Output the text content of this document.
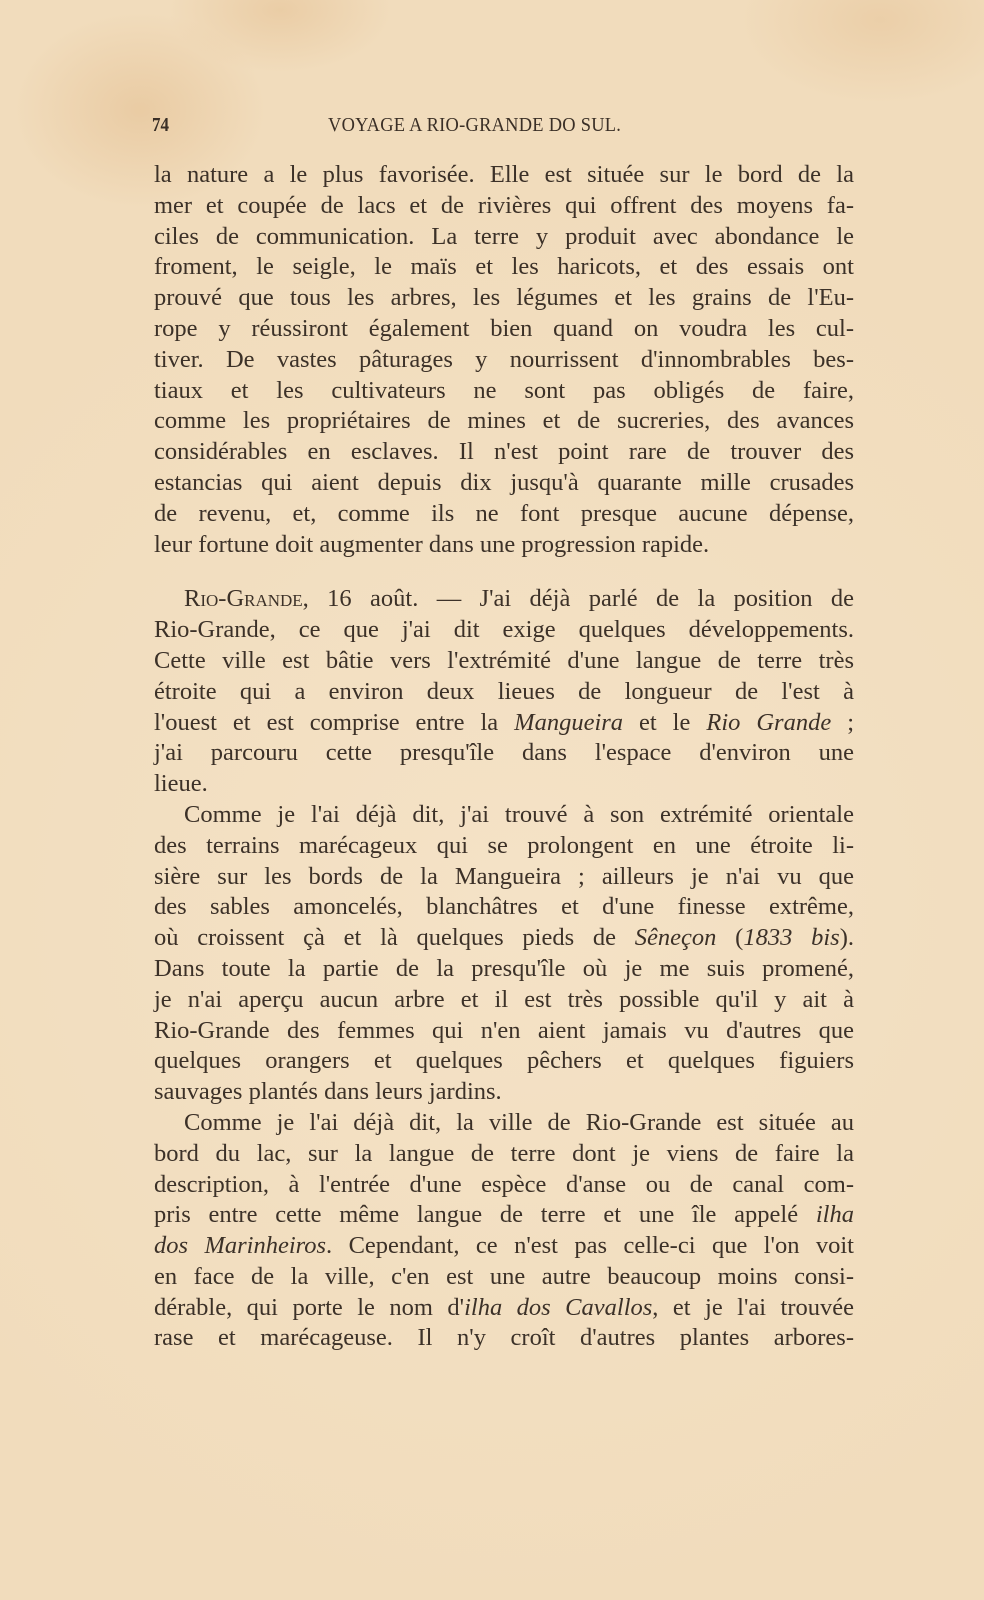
74	VOYAGE A RIO-GRANDE DO SUL.
la nature a le plus favorisée. Elle est située sur le bord de la
mer et coupée de lacs et de rivières qui offrent des moyens fa-
ciles de communication. La terre y produit avec abondance le
froment, le seigle, le maïs et les haricots, et des essais ont
prouvé que tous les arbres, les légumes et les grains de l'Eu-
rope y réussiront également bien quand on voudra les cul-
tiver. De vastes pâturages y nourrissent d'innombrables bes-
tiaux et les cultivateurs ne sont pas obligés de faire,
comme les propriétaires de mines et de sucreries, des avances
considérables en esclaves. Il n'est point rare de trouver des
estancias qui aient depuis dix jusqu'à quarante mille crusades
de revenu, et, comme ils ne font presque aucune dépense,
leur fortune doit augmenter dans une progression rapide.
Rio-Grande, 16 août. — J'ai déjà parlé de la position de
Rio-Grande, ce que j'ai dit exige quelques développements.
Cette ville est bâtie vers l'extrémité d'une langue de terre très
étroite qui a environ deux lieues de longueur de l'est à
l'ouest et est comprise entre la Mangueira et le Rio Grande ;
j'ai parcouru cette presqu'île dans l'espace d'environ une
lieue.
Comme je l'ai déjà dit, j'ai trouvé à son extrémité orientale
des terrains marécageux qui se prolongent en une étroite li-
sière sur les bords de la Mangueira ; ailleurs je n'ai vu que
des sables amoncelés, blanchâtres et d'une finesse extrême,
où croissent çà et là quelques pieds de Sêneçon (1833 bis).
Dans toute la partie de la presqu'île où je me suis promené,
je n'ai aperçu aucun arbre et il est très possible qu'il y ait à
Rio-Grande des femmes qui n'en aient jamais vu d'autres que
quelques orangers et quelques pêchers et quelques figuiers
sauvages plantés dans leurs jardins.
Comme je l'ai déjà dit, la ville de Rio-Grande est située au
bord du lac, sur la langue de terre dont je viens de faire la
description, à l'entrée d'une espèce d'anse ou de canal com-
pris entre cette même langue de terre et une île appelé ilha
dos Marinheiros. Cependant, ce n'est pas celle-ci que l'on voit
en face de la ville, c'en est une autre beaucoup moins consi-
dérable, qui porte le nom d'ilha dos Cavallos, et je l'ai trouvée
rase et marécageuse. Il n'y croît d'autres plantes arbores-
